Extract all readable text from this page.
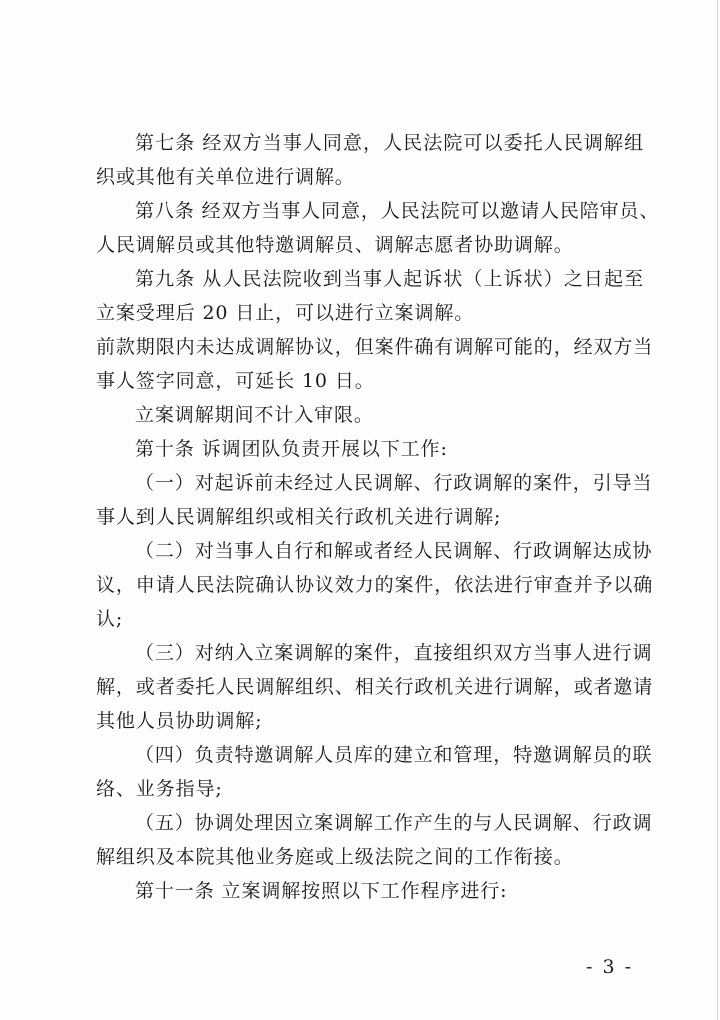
第七条 经双方当事人同意，人民法院可以委托人民调解组
织或其他有关单位进行调解。
第八条 经双方当事人同意，人民法院可以邀请人民陪审员、
人民调解员或其他特邀调解员、调解志愿者协助调解。
第九条 从人民法院收到当事人起诉状（上诉状）之日起至
立案受理后 20 日止，可以进行立案调解。
前款期限内未达成调解协议，但案件确有调解可能的，经双方当
事人签字同意，可延长 10 日。
立案调解期间不计入审限。
第十条 诉调团队负责开展以下工作:
（一）对起诉前未经过人民调解、行政调解的案件，引导当
事人到人民调解组织或相关行政机关进行调解;
（二）对当事人自行和解或者经人民调解、行政调解达成协
议，申请人民法院确认协议效力的案件，依法进行审查并予以确
认;
（三）对纳入立案调解的案件，直接组织双方当事人进行调
解，或者委托人民调解组织、相关行政机关进行调解，或者邀请
其他人员协助调解;
（四）负责特邀调解人员库的建立和管理，特邀调解员的联
络、业务指导;
（五）协调处理因立案调解工作产生的与人民调解、行政调
解组织及本院其他业务庭或上级法院之间的工作衔接。
第十一条 立案调解按照以下工作程序进行:
- 3 -
